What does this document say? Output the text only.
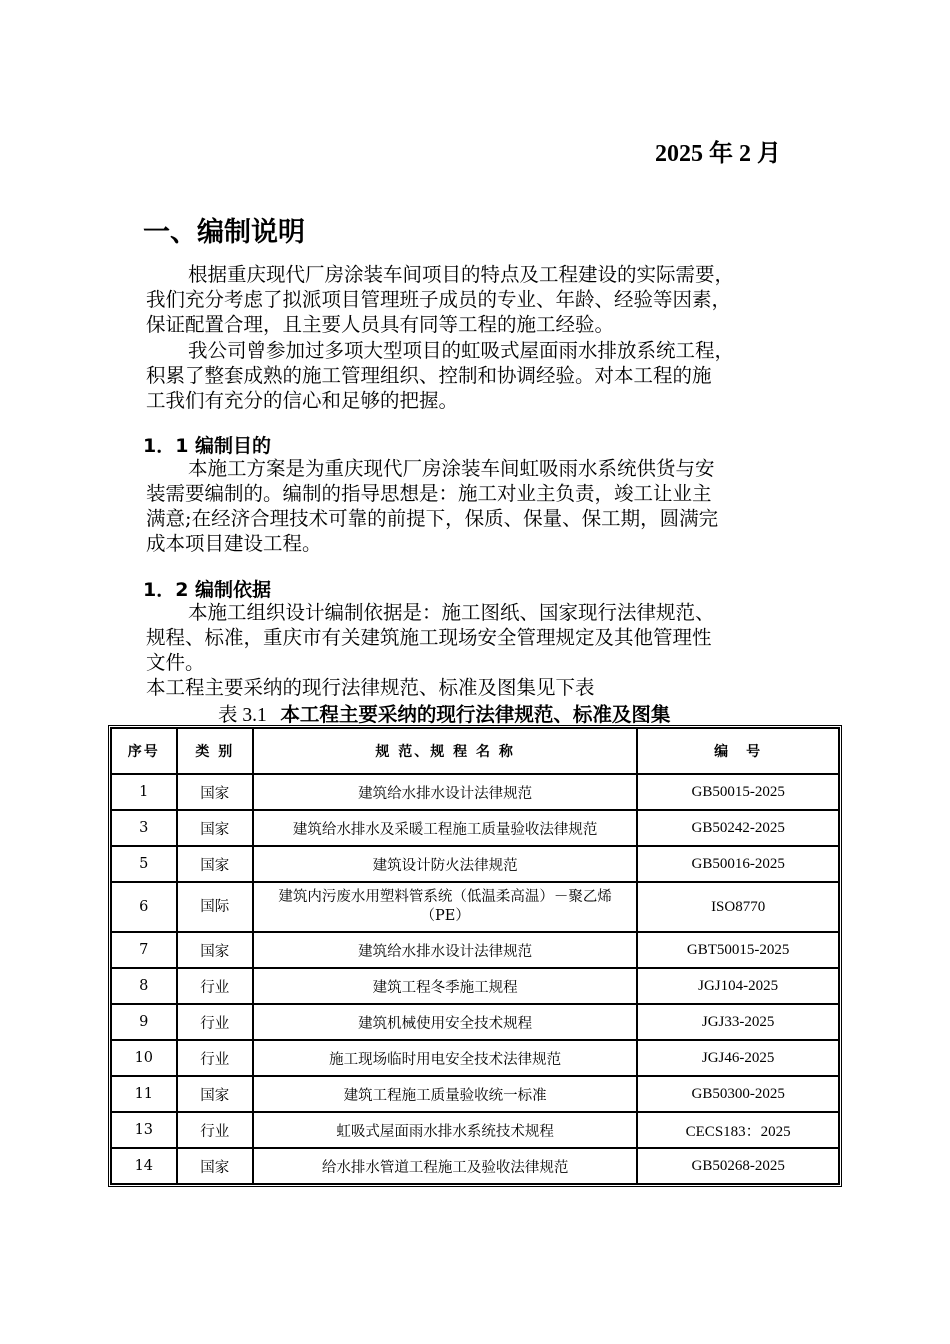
2025 年 2 月
一、编制说明
根据重庆现代厂房涂装车间项目的特点及工程建设的实际需要，
我们充分考虑了拟派项目管理班子成员的专业、年龄、经验等因素，
保证配置合理，且主要人员具有同等工程的施工经验。
我公司曾参加过多项大型项目的虹吸式屋面雨水排放系统工程，
积累了整套成熟的施工管理组织、控制和协调经验。对本工程的施
工我们有充分的信心和足够的把握。
1．1 编制目的
本施工方案是为重庆现代厂房涂装车间虹吸雨水系统供货与安
装需要编制的。编制的指导思想是：施工对业主负责，竣工让业主
满意;在经济合理技术可靠的前提下，保质、保量、保工期，圆满完
成本项目建设工程。
1．2 编制依据
本施工组织设计编制依据是：施工图纸、国家现行法律规范、
规程、标准，重庆市有关建筑施工现场安全管理规定及其他管理性
文件。
本工程主要采纳的现行法律规范、标准及图集见下表
表 3.1 本工程主要采纳的现行法律规范、标准及图集
序号	类 别	规 范、规 程 名 称	编　号
1	国家	建筑给水排水设计法律规范	GB50015-2025
3	国家	建筑给水排水及采暖工程施工质量验收法律规范	GB50242-2025
5	国家	建筑设计防火法律规范	GB50016-2025
6	国际	建筑内污废水用塑料管系统（低温柔高温）－聚乙烯（PE）	ISO8770
7	国家	建筑给水排水设计法律规范	GBT50015-2025
8	行业	建筑工程冬季施工规程	JGJ104-2025
9	行业	建筑机械使用安全技术规程	JGJ33-2025
10	行业	施工现场临时用电安全技术法律规范	JGJ46-2025
11	国家	建筑工程施工质量验收统一标准	GB50300-2025
13	行业	虹吸式屋面雨水排水系统技术规程	CECS183：2025
14	国家	给水排水管道工程施工及验收法律规范	GB50268-2025
